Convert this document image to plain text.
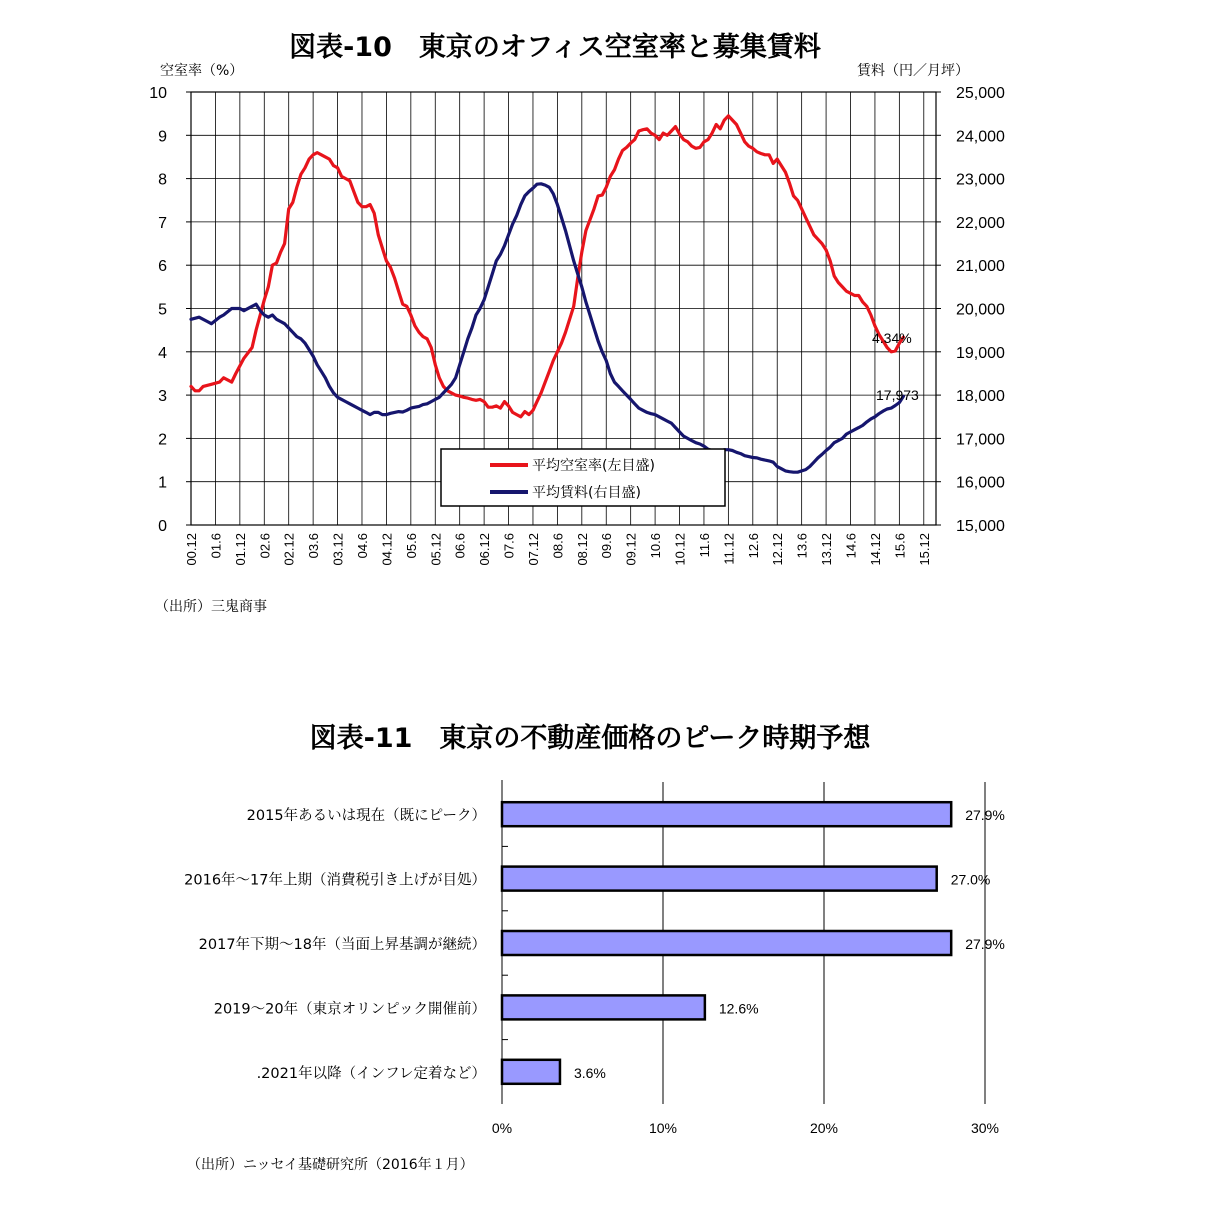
図表-10　東京のオフィス空室率と募集賃料
空室率（%）	賃料（円／月坪）
0
1
2
3
4
5
6
7
8
9
10
15,000
16,000
17,000
18,000
19,000
20,000
21,000
22,000
23,000
24,000
25,000
00.12 01.6 01.12 02.6 02.12 03.6 03.12 04.6 04.12 05.6 05.12 06.6 06.12 07.6 07.12 08.6 08.12 09.6 09.12 10.6 10.12 11.6 11.12 12.6 12.12 13.6 13.12 14.6 14.12 15.6 15.12
4.34%
17,973
平均空室率(左目盛)
平均賃料(右目盛)
（出所）三鬼商事
図表-11　東京の不動産価格のピーク時期予想
2015年あるいは現在（既にピーク）	27.9%
2016年～17年上期（消費税引き上げが目処）	27.0%
2017年下期～18年（当面上昇基調が継続）	27.9%
2019～20年（東京オリンピック開催前）	12.6%
.2021年以降（インフレ定着など）	3.6%
0%	10%	20%	30%
（出所）ニッセイ基礎研究所（2016年１月）
